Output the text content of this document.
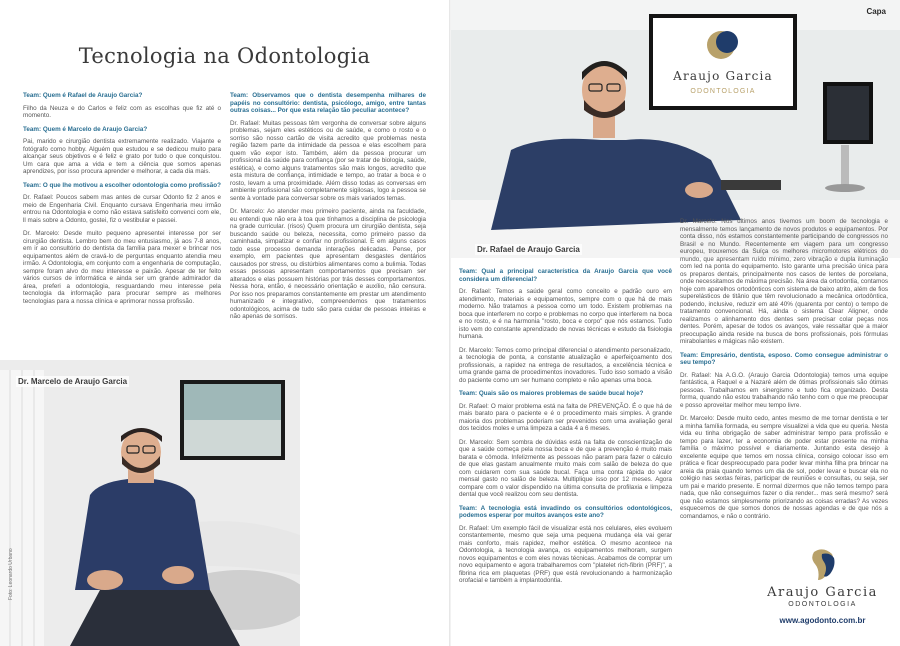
Tecnologia na Odontologia
Team: Quem é Rafael de Araujo Garcia?
Filho da Neuza e do Carlos e feliz com as escolhas que fiz até o momento.
Team: Quem é Marcelo de Araujo Garcia?
Pai, marido e cirurgião dentista extremamente realizado. Viajante e fotógrafo como hobby. Alguém que estudou e se dedicou muito para alcançar seus objetivos e é feliz e grato por tudo o que conquistou. Um cara que ama a vida e tem a ciência que somos apenas aprendizes, por isso procura aprender e melhorar, a cada dia mais.
Team: O que lhe motivou a escolher odontologia como profissão?
Dr. Rafael: Poucos sabem mas antes de cursar Odonto fiz 2 anos e meio de Engenharia Civil. Enquanto cursava Engenharia meu irmão entrou na Odontologia e como não estava satisfeito convenci com ele, ll mais sobre a Odonto, gostei, fiz o vestibular e passei.
Dr. Marcelo: Desde muito pequeno apresentei interesse por ser cirurgião dentista. Lembro bem do meu entusiasmo, já aos 7-8 anos, em ir ao consultório do dentista da família para mexer e brincar nos equipamentos além de cravá-lo de perguntas enquanto atendia meu irmão. A Odontologia, em conjunto com a engenharia de computação, sempre foram alvo do meu interesse e paixão. Apesar de ter feito vários cursos de informática e ainda ser um grande admirador da área, preferi a odontologia, resguardando meu interesse pela tecnologia da informação para procurar sempre as melhores tecnologias para a nossa clínica e aprimorar nossa profissão.
Team: Observamos que o dentista desempenha milhares de papéis no consultório: dentista, psicólogo, amigo, entre tantas outras coisas... Por que esta relação tão peculiar acontece?
Dr. Rafael: Muitas pessoas têm vergonha de conversar sobre alguns problemas, sejam eles estéticos ou de saúde, e como o rosto e o sorriso são nosso cartão de visita acredito que problemas nesta região fazem parte da intimidade da pessoa e elas escolhem para quem vão expor isto. Também, além da pessoa procurar um profissional da saúde para confiança (por se tratar de biologia, saúde, estética), e como alguns tratamentos são mais longos, acredito que esta mistura de confiança, intimidade e tempo, ao tratar a boca e o rosto, levam a uma proximidade. Além disso todas as conversas em ambiente profissional são completamente sigilosas, logo a pessoa se sente à vontade para conversar sobre os mais variados temas.
Dr. Marcelo: Ao atender meu primeiro paciente, ainda na faculdade, eu entendi que não era à toa que tínhamos a disciplina de psicologia na grade curricular. (risos) Quem procura um cirurgião dentista, seja buscando saúde ou beleza, necessita, como primeiro passo da caminhada, simpatizar e confiar no profissional. E em alguns casos todo esse processo demanda interações delicadas. Pense, por exemplo, em pacientes que apresentam desgastes dentários causados por stress, ou distúrbios alimentares como a bulimia. Todas essas pessoas apresentam comportamentos que precisam ser alterados e elas possuem histórias por trás desses comportamentos. Nessa hora, então, é necessário orientação e auxílio, não censura. Por isso nos preparamos constantemente em prestar um atendimento humanizado e integrativo, compreendemos que tratamentos odontológicos, acima de tudo são para cuidar de pessoas inteiras e não apenas de sorrisos.
Dr. Marcelo de Araujo Garcia
Foto: Leonardo Urbano
Araujo Garcia
ODONTOLOGIA
Dr. Rafael de Araujo Garcia
Capa
Team: Qual a principal característica da Araujo Garcia que você considera um diferencial?
Dr. Rafael: Temos a saúde geral como conceito e padrão ouro em atendimento, materiais e equipamentos, sempre com o que há de mais moderno. Não tratamos a pessoa como um todo. Existem problemas na boca que interferem no corpo e problemas no corpo que interferem na boca e no rosto, e é na harmonia "rosto, boca e corpo" que nós estamos. Tudo isto vem do constante aprendizado de novas técnicas e estudo da fisiologia humana.
Dr. Marcelo: Temos como principal diferencial o atendimento personalizado, a tecnologia de ponta, a constante atualização e aperfeiçoamento dos profissionais, a rapidez na entrega de resultados, a excelência técnica e uma grande gama de procedimentos inovadores. Tudo isso somado a visão do paciente como um ser humano completo e não apenas uma boca.
Team: Quais são os maiores problemas de saúde bucal hoje?
Dr. Rafael: O maior problema está na falta de PREVENÇÃO. É o que há de mais barato para o paciente e é o procedimento mais simples. A grande maioria dos problemas poderiam ser prevenidos com uma avaliação geral dos tecidos moles e uma limpeza a cada 4 a 6 meses.
Dr. Marcelo: Sem sombra de dúvidas está na falta de conscientização de que a saúde começa pela nossa boca e de que a prevenção é muito mais barata e cômoda. Infelizmente as pessoas não param para fazer o cálculo de que elas gastam anualmente muito mais com salão de beleza do que com cuidarem com sua saúde bucal. Faça uma conta rápida do valor mensal gasto no salão de beleza. Multiplique isso por 12 meses. Agora compare com o valor dispendido na última consulta de profilaxia e limpeza dental que você realizou com seu dentista.
Team: A tecnologia está invadindo os consultórios odontológicos, podemos esperar por muitos avanços este ano?
Dr. Rafael: Um exemplo fácil de visualizar está nos celulares, eles evoluem constantemente, mesmo que seja uma pequena mudança ela vai gerar mais conforto, mais rapidez, melhor estética. O mesmo acontece na Odontologia, a tecnologia avança, os equipamentos melhoram, surgem novos equipamentos e com eles novas técnicas. Acabamos de comprar um novo equipamento e agora trabalharemos com "platelet rich-fibrin (PRF)", a fibrina rica em plaquetas (PRF) que está revolucionando a harmonização orofacial e também a implantodontia.
Dr. Marcelo: Nos últimos anos tivemos um boom de tecnologia e mensalmente temos lançamento de novos produtos e equipamentos. Por conta disso, nós estamos constantemente participando de congressos no Brasil e no Mundo. Recentemente em viagem para um congresso europeu, trouxemos da Suíça os melhores micromotores elétricos do mundo, que apresentam ruído mínimo, zero vibração e dupla iluminação com led na ponta do equipamento. Isto garante uma precisão única para os preparos dentais, principalmente nos casos de lentes de porcelana, onde necessitamos de máxima precisão. Na área da ortodontia, contamos hoje com aparelhos ortodônticos com sistema de baixo atrito, além de fios superelásticos de titânio que têm revolucionado a mecânica ortodôntica, podendo, inclusive, reduzir em até 40% (quarenta por cento) o tempo de tratamento convencional. Há, ainda o sistema Clear Aligner, onde realizamos o alinhamento dos dentes sem precisar colar peças nos dentes. Porém, apesar de todos os avanços, vale ressaltar que a maior preocupação ainda reside na busca de bons profissionais, pois fórmulas mirabolantes e mágicas não existem.
Team: Empresário, dentista, esposo. Como consegue administrar o seu tempo?
Dr. Rafael: Na A.G.O. (Araujo Garcia Odontologia) temos uma equipe fantástica, a Raquel e a Nazaré além de ótimas profissionais são ótimas pessoas. Trabalhamos em sinergismo e tudo fica organizado. Desta forma, quando não estou trabalhando não tenho com o que me preocupar e posso aproveitar melhor meu tempo livre.
Dr. Marcelo: Desde muito cedo, antes mesmo de me tornar dentista e ter a minha família formada, eu sempre visualizei a vida que eu queria. Nesta vida eu tinha obrigação de saber administrar tempo para profissão e tempo para lazer, ter a economia de poder estar presente na minha família o máximo possível e diariamente. Juntando esta desejo à excelente equipe que temos em nossa clínica, consigo colocar isso em prática e ficar despreocupado para poder levar minha filha pra brincar na areia da praia quando temos um dia de sol, poder levar e buscar ela no colégio nas sextas feiras, participar de reuniões e consultas, ou seja, ser um pai e marido presente. E normal dizermos que não temos tempo para nada, que não conseguimos fazer o dia render... mas será mesmo? será que não estamos simplesmente priorizando as coisas erradas? As vezes esquecemos de que somos donos de nossas agendas e de que nós a comandamos, e não o contrário.
Araujo Garcia
ODONTOLOGIA
www.agodonto.com.br
